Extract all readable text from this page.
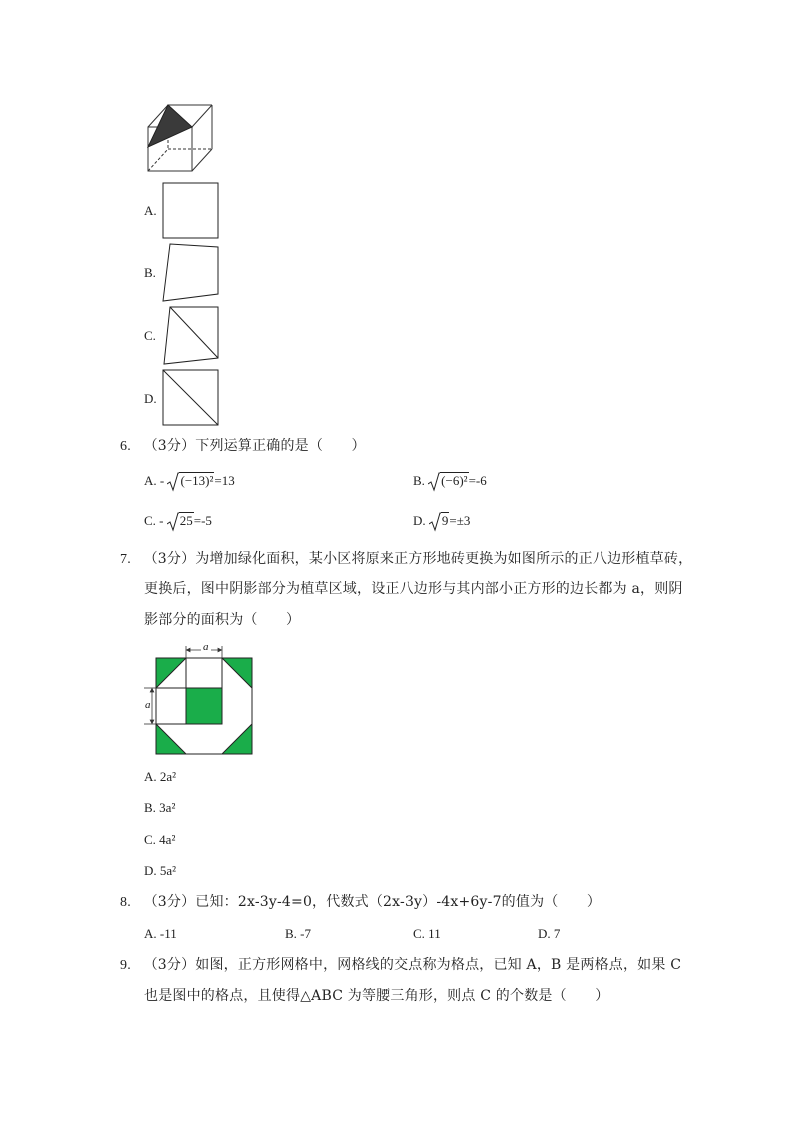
A.
B.
C.
D.
6. （3分）下列运算正确的是（　　）
A. - (−13)²=13	B. (−6)²=-6
C. - 25=-5	D. 9=±3
7. （3分）为增加绿化面积，某小区将原来正方形地砖更换为如图所示的正八边形植草砖，
更换后，图中阴影部分为植草区域，设正八边形与其内部小正方形的边长都为 a，则阴
影部分的面积为（　　）
a
a
A. 2a²
B. 3a²
C. 4a²
D. 5a²
8. （3分）已知：2x-3y-4=0，代数式（2x-3y）-4x+6y-7的值为（　　）
A. -11	B. -7	C. 11	D. 7
9. （3分）如图，正方形网格中，网格线的交点称为格点，已知 A，B 是两格点，如果 C
也是图中的格点，且使得△ABC 为等腰三角形，则点 C 的个数是（　　）
